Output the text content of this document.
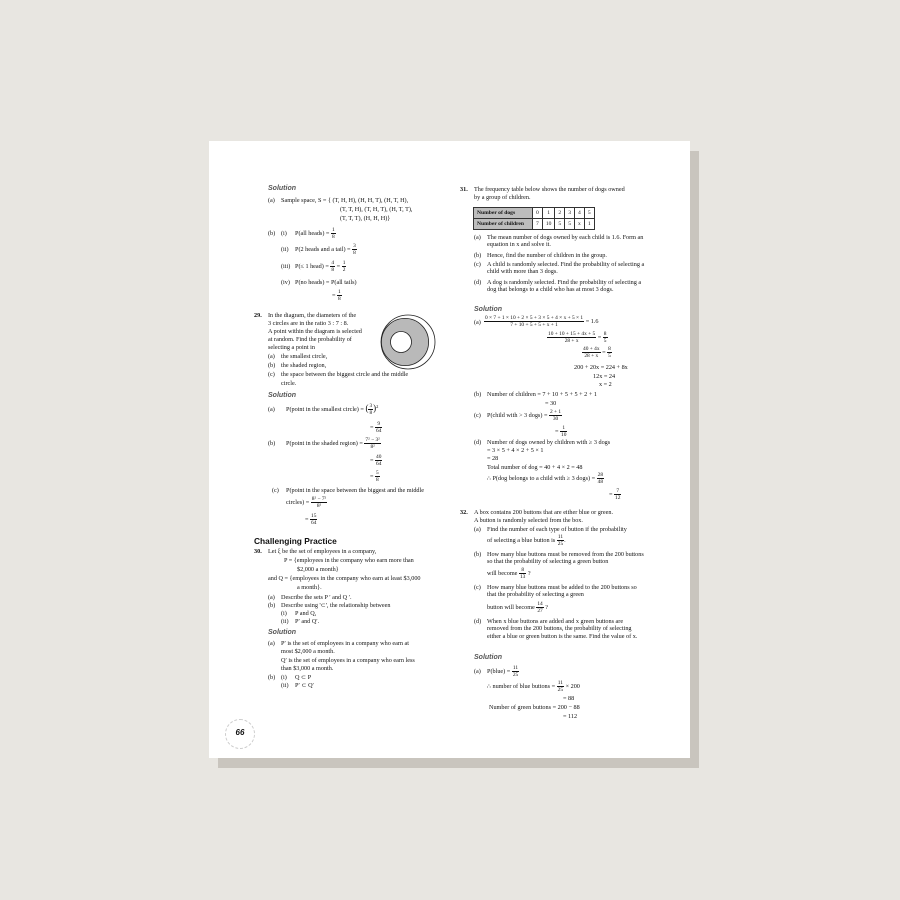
Solution
(a) Sample space, S = { (T, H, H), (H, H, T), (H, T, H),
(T, T, H), (T, H, T), (H, T, T),
(T, T, T), (H, H, H)}
(b) (i) P(all heads) = $\frac{1}{8}$
(ii) P(2 heads and a tail) = $\frac{3}{8}$
(iii) P(≤ 1 head) = $\frac{4}{8} = \frac{1}{2}$
(iv) P(no heads) = P(all tails)
= $\frac{1}{8}$
29. In the diagram, the diameters of the
3 circles are in the ratio 3 : 7 : 8.
A point within the diagram is selected
at random. Find the probability of
selecting a point in
(a) the smallest circle,
(b) the shaded region,
(c) the space between the biggest circle and the middle
circle.
Solution
(a) P(point in the smallest circle) = ( $\frac{3}{8} )^2$
= $\frac{9}{64}$
(b) P(point in the shaded region) = $\frac{\text{7² − 3²}}{\text{8²}}$
= $\frac{40}{64}$
= $\frac{5}{8}$
(c) P(point in the space between the biggest and the middle
circles) = $\frac{\text{8² − 7²}}{\text{8²}}$
= $\frac{15}{64}$
Challenging Practice
30. Let ξ be the set of employees in a company,
P = {employees in the company who earn more than
$2,000 a month}
and Q = {employees in the company who earn at least $3,000
a month}.
(a) Describe the sets P ′ and Q ′.
(b) Describe using '⊂', the relationship between
(i) P and Q,
(ii) P′ and Q′.
Solution
(a) P′ is the set of employees in a company who earn at
most $2,000 a month.
Q′ is the set of employees in a company who earn less
than $3,000 a month.
(b) (i) Q ⊂ P
(ii) P′ ⊂ Q′
66
31. The frequency table below shows the number of dogs owned
by a group of children.
Number of dogs	0	1	2	3	4	5
Number of children	7	10	5	5	x	1
(a) The mean number of dogs owned by each child is 1.6. Form an equation in x and solve it.
(b) Hence, find the number of children in the group.
(c) A child is randomly selected. Find the probability of selecting a child with more than 3 dogs.
(d) A dog is randomly selected. Find the probability of selecting a dog that belongs to a child who has at most 3 dogs.
Solution
$(a) \frac{0 \times 7 + 1 \times 10 + 2 \times 5 + 3 \times 5 + 4 \times x + 5 \times 1}{7 + 10 + 5 + 5 + x + 1} = 1.6$
$\frac{10 + 10 + 15 + 4x + 5}{28 + x} = \frac{8}{5}$
$\frac{40 + 4x}{28 + x} = \frac{8}{5}$
200 + 20x = 224 + 8x
12x = 24
x = 2
(b) Number of children = 7 + 10 + 5 + 5 + 2 + 1
= 30
(c) P(child with > 3 dogs) = $\frac{2 + 1}{30}$
= $\frac{1}{10}$
(d) Number of dogs owned by children with ≥ 3 dogs
= 3 × 5 + 4 × 2 + 5 × 1
= 28
Total number of dog = 40 + 4 × 2 = 48
∴ P(dog belongs to a child with ≥ 3 dogs) = $\frac{28}{48}$
= $\frac{7}{12}$
32. A box contains 200 buttons that are either blue or green.
A button is randomly selected from the box.
(a) Find the number of each type of button if the probability
of selecting a blue button is $\frac{11}{25}$ .
(b) How many blue buttons must be removed from the 200 buttons so that the probability of selecting a green button
will become $\frac{8}{13}$ ?
(c) How many blue buttons must be added to the 200 buttons so that the probability of selecting a green
button will become $\frac{14}{27}$ ?
(d) When x blue buttons are added and x green buttons are removed from the 200 buttons, the probability of selecting either a blue or green button is the same. Find the value of x.
Solution
(a) P(blue) = $\frac{11}{25}$
∴ number of blue buttons = $\frac{11}{25} \times 200$
= 88
Number of green buttons = 200 − 88
= 112
